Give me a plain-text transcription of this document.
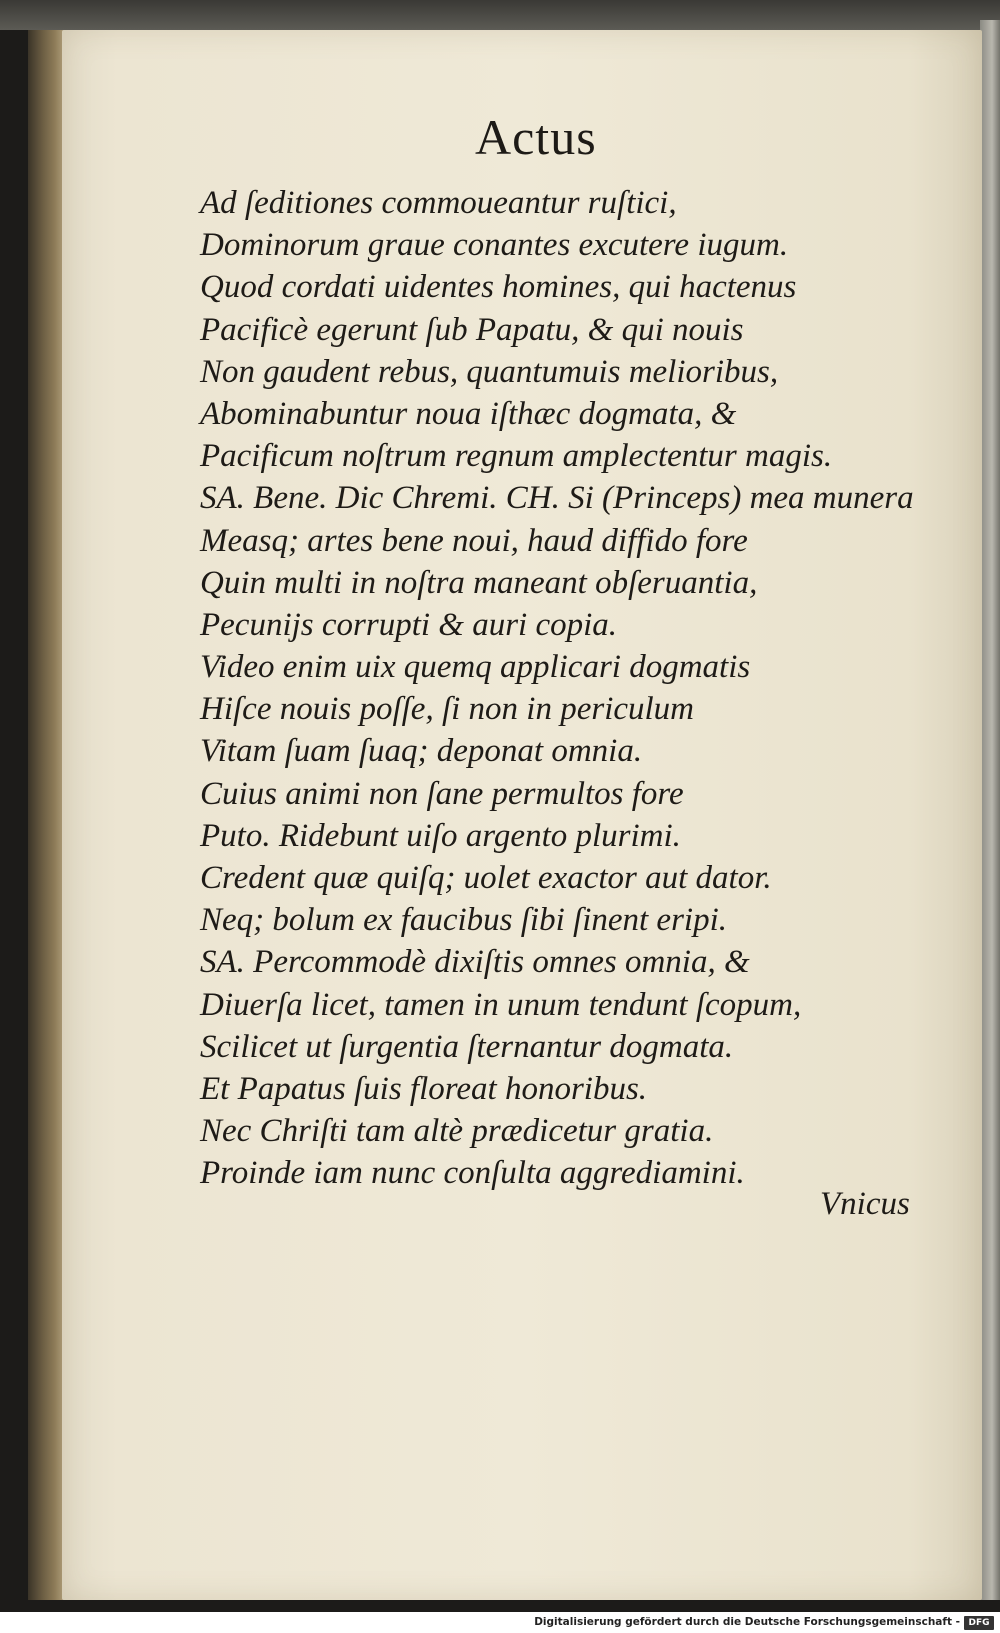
Actus
Ad ſeditiones commoueantur ruſtici,
Dominorum graue conantes excutere iugum.
Quod cordati uidentes homines, qui hactenus
Pacificè egerunt ſub Papatu, & qui nouis
Non gaudent rebus, quantumuis melioribus,
Abominabuntur noua iſthæc dogmata, &
Pacificum noſtrum regnum amplectentur magis.
SA. Bene. Dic Chremi. CH. Si (Princeps) mea munera
Measq; artes bene noui, haud diffido fore
Quin multi in noſtra maneant obſeruantia,
Pecunijs corrupti & auri copia.
Video enim uix quemq applicari dogmatis
Hiſce nouis poſſe, ſi non in periculum
Vitam ſuam ſuaq; deponat omnia.
Cuius animi non ſane permultos fore
Puto. Ridebunt uiſo argento plurimi.
Credent quæ quiſq; uolet exactor aut dator.
Neq; bolum ex faucibus ſibi ſinent eripi.
SA. Percommodè dixiſtis omnes omnia, &
Diuerſa licet, tamen in unum tendunt ſcopum,
Scilicet ut ſurgentia ſternantur dogmata.
Et Papatus ſuis floreat honoribus.
Nec Chriſti tam altè prædicetur gratia.
Proinde iam nunc conſulta aggrediamini.
Vnicus
Digitalisierung gefördert durch die Deutsche Forschungsgemeinschaft - DFG
